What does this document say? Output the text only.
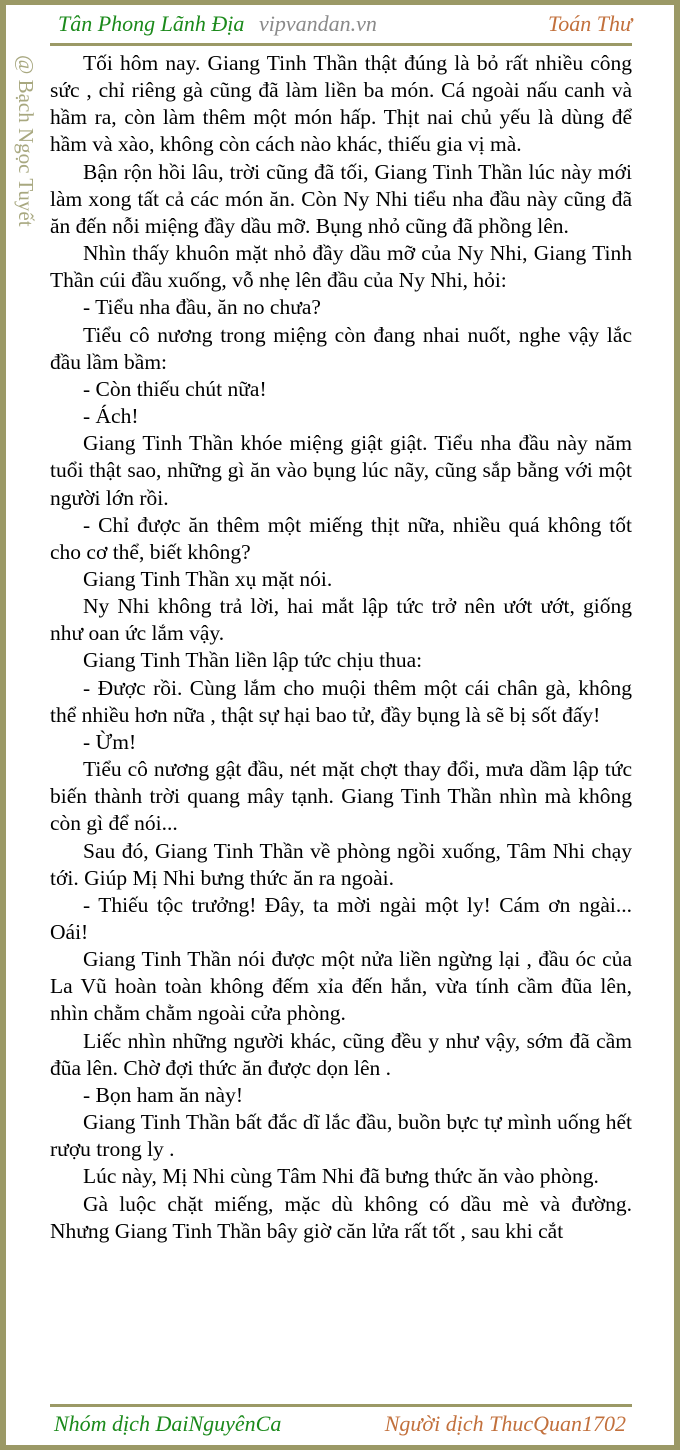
Tân Phong Lãnh Địa vipvandan.vn	Toán Thư
@ Bạch Ngọc Tuyết	Tối hôm nay. Giang Tinh Thần thật đúng là bỏ rất nhiều công sức , chỉ riêng gà cũng đã làm liền ba món. Cá ngoài nấu canh và hầm ra, còn làm thêm một món hấp. Thịt nai chủ yếu là dùng để hầm và xào, không còn cách nào khác, thiếu gia vị mà.

Bận rộn hồi lâu, trời cũng đã tối, Giang Tinh Thần lúc này mới làm xong tất cả các món ăn. Còn Ny Nhi tiểu nha đầu này cũng đã ăn đến nỗi miệng đầy dầu mỡ. Bụng nhỏ cũng đã phồng lên.

Nhìn thấy khuôn mặt nhỏ đầy dầu mỡ của Ny Nhi, Giang Tinh Thần cúi đầu xuống, vỗ nhẹ lên đầu của Ny Nhi, hỏi:

- Tiểu nha đầu, ăn no chưa?

Tiểu cô nương trong miệng còn đang nhai nuốt, nghe vậy lắc đầu lầm bầm:

- Còn thiếu chút nữa!

- Ách!

Giang Tinh Thần khóe miệng giật giật. Tiểu nha đầu này năm tuổi thật sao, những gì ăn vào bụng lúc nãy, cũng sắp bằng với một người lớn rồi.

- Chỉ được ăn thêm một miếng thịt nữa, nhiều quá không tốt cho cơ thể, biết không?

Giang Tinh Thần xụ mặt nói.

Ny Nhi không trả lời, hai mắt lập tức trở nên ướt ướt, giống như oan ức lắm vậy.

Giang Tinh Thần liền lập tức chịu thua:

- Được rồi. Cùng lắm cho muội thêm một cái chân gà, không thể nhiều hơn nữa , thật sự hại bao tử, đầy bụng là sẽ bị sốt đấy!

- Ừm!

Tiểu cô nương gật đầu, nét mặt chợt thay đổi, mưa dầm lập tức biến thành trời quang mây tạnh. Giang Tinh Thần nhìn mà không còn gì để nói...

Sau đó, Giang Tinh Thần về phòng ngồi xuống, Tâm Nhi chạy tới. Giúp Mị Nhi bưng thức ăn ra ngoài.

- Thiếu tộc trưởng! Đây, ta mời ngài một ly! Cám ơn ngài... Oái!

Giang Tinh Thần nói được một nửa liền ngừng lại , đầu óc của La Vũ hoàn toàn không đếm xỉa đến hắn, vừa tính cầm đũa lên, nhìn chằm chằm ngoài cửa phòng.

Liếc nhìn những người khác, cũng đều y như vậy, sớm đã cầm đũa lên. Chờ đợi thức ăn được dọn lên .

- Bọn ham ăn này!

Giang Tinh Thần bất đắc dĩ lắc đầu, buồn bực tự mình uống hết rượu trong ly .

Lúc này, Mị Nhi cùng Tâm Nhi đã bưng thức ăn vào phòng.

Gà luộc chặt miếng, mặc dù không có dầu mè và đường. Nhưng Giang Tinh Thần bây giờ căn lửa rất tốt , sau khi cắt

Nhóm dịch DaiNguyênCa	Người dịch ThucQuan1702
